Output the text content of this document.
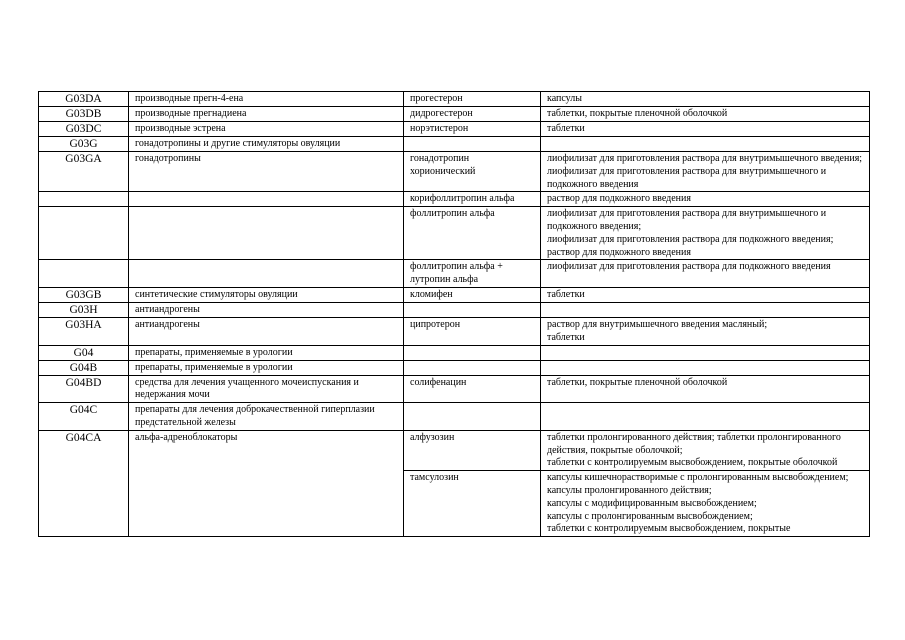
G03DA	производные прегн-4-ена	прогестерон	капсулы
G03DB	производные прегнадиена	дидрогестерон	таблетки, покрытые пленочной оболочкой
G03DC	производные эстрена	норэтистерон	таблетки
G03G	гонадотропины и другие стимуляторы овуляции		
G03GA	гонадотропины	гонадотропин хорионический	лиофилизат для приготовления раствора для внутримышечного введения;
лиофилизат для приготовления раствора для внутримышечного и подкожного введения
		корифоллитропин альфа	раствор для подкожного введения
		фоллитропин альфа	лиофилизат для приготовления раствора для внутримышечного и подкожного введения;
лиофилизат для приготовления раствора для подкожного введения;
раствор для подкожного введения
		фоллитропин альфа + лутропин альфа	лиофилизат для приготовления раствора для подкожного введения
G03GB	синтетические стимуляторы овуляции	кломифен	таблетки
G03H	антиандрогены		
G03HA	антиандрогены	ципротерон	раствор для внутримышечного введения масляный;
таблетки
G04	препараты, применяемые в урологии		
G04B	препараты, применяемые в урологии		
G04BD	средства для лечения учащенного мочеиспускания и недержания мочи	солифенацин	таблетки, покрытые пленочной оболочкой
G04C	препараты для лечения доброкачественной гиперплазии предстательной железы		
G04CA	альфа-адреноблокаторы	алфузозин	таблетки пролонгированного действия; таблетки пролонгированного действия, покрытые оболочкой;
таблетки с контролируемым высвобождением, покрытые оболочкой
		тамсулозин	капсулы кишечнорастворимые с пролонгированным высвобождением;
капсулы пролонгированного действия;
капсулы с модифицированным высвобождением;
капсулы с пролонгированным высвобождением;
таблетки с контролируемым высвобождением, покрытые
